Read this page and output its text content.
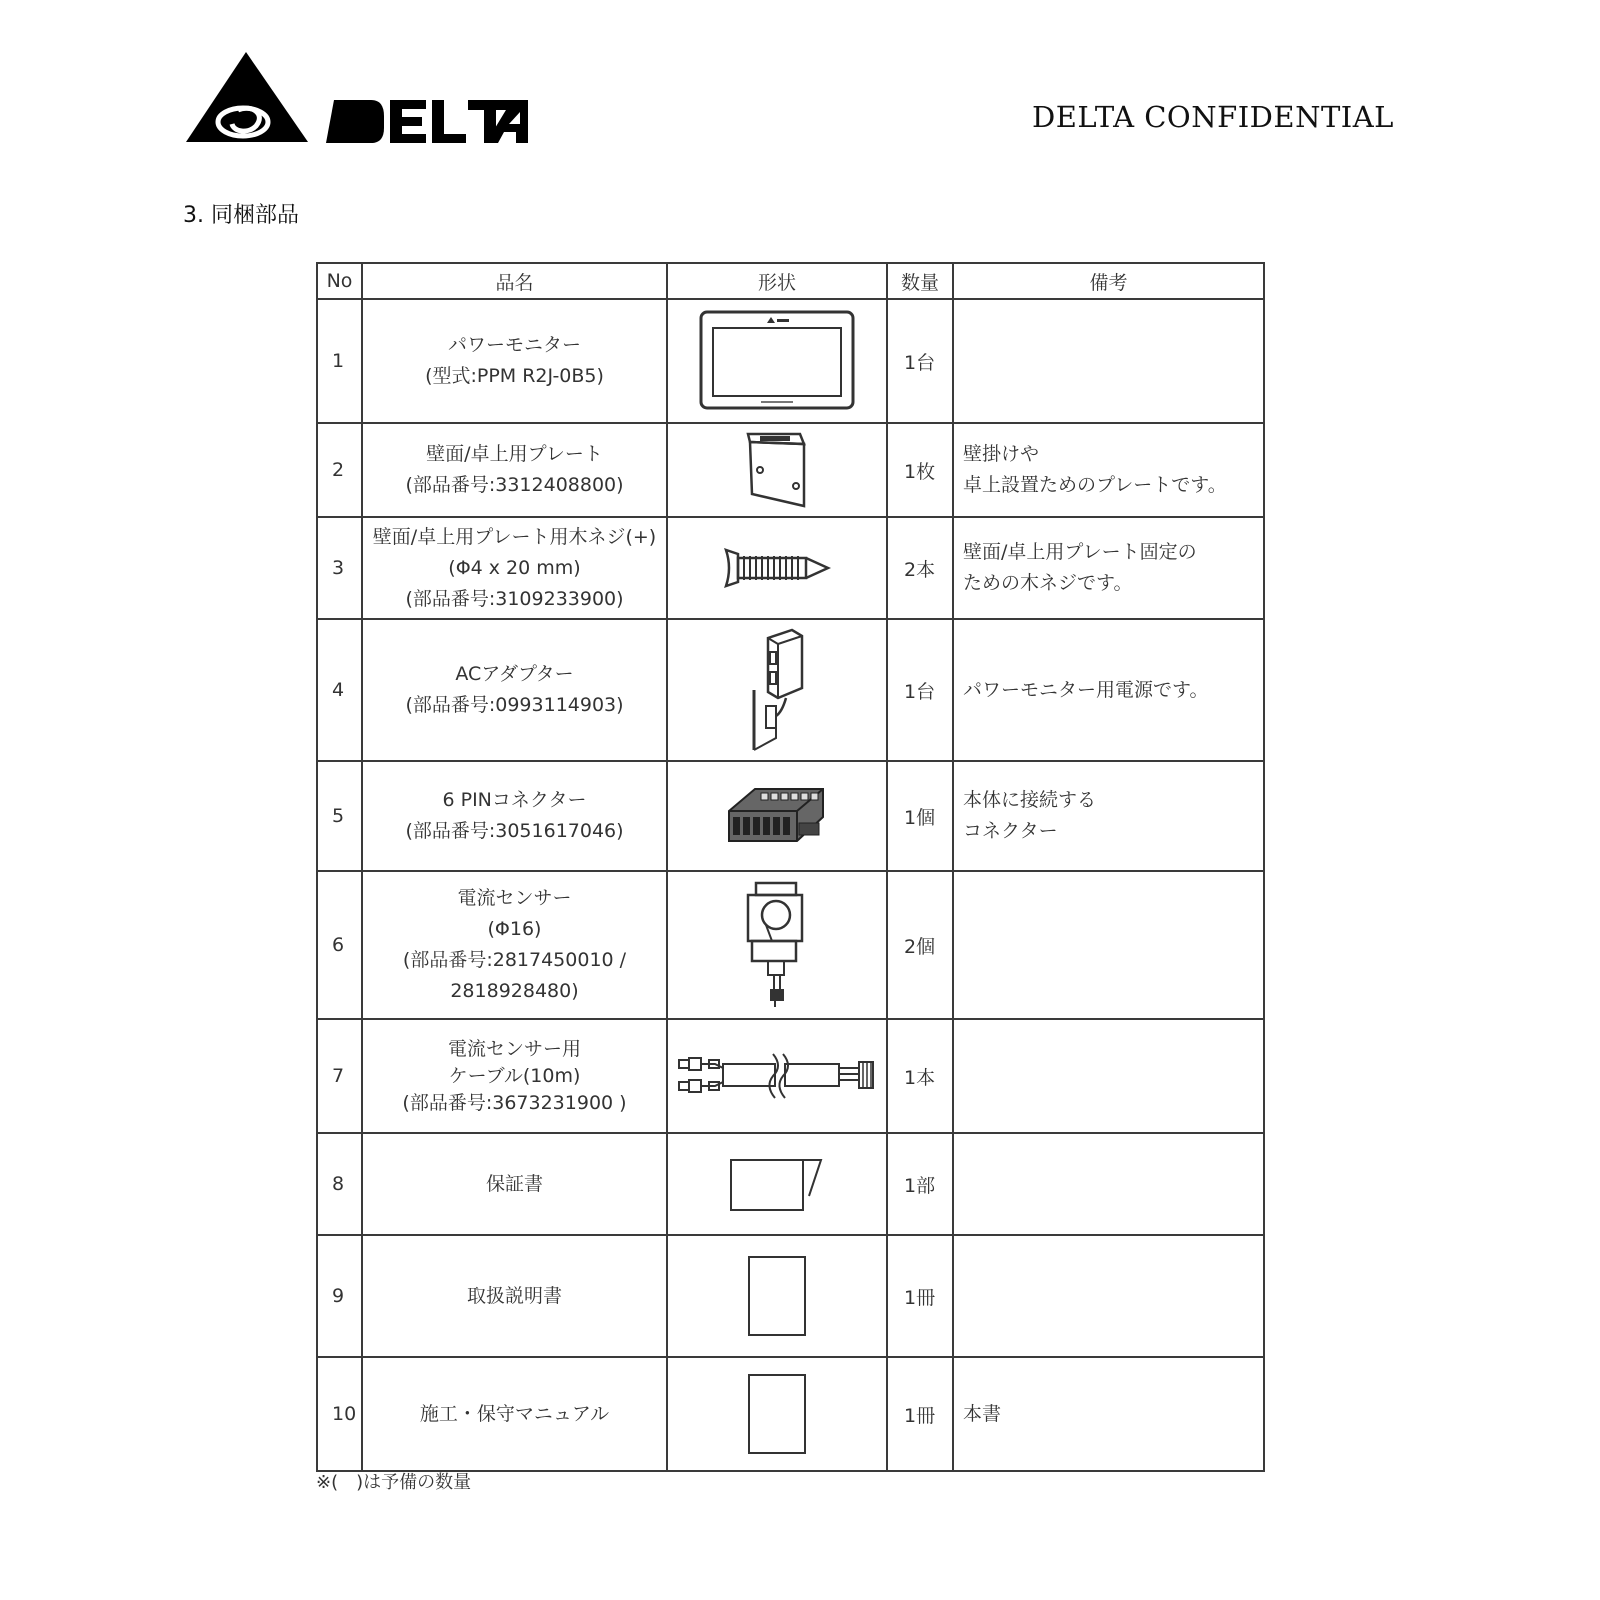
DELTA CONFIDENTIAL
3. 同梱部品
No	品名	形状	数量	備考
1	パワーモニター
(型式:PPM R2J-0B5)		1台	
2	壁面/卓上用プレート
(部品番号:3312408800)		1枚	壁掛けや
卓上設置ためのプレートです。

3	壁面/卓上用プレート用木ネジ(+)
(Φ4 x 20 mm)
(部品番号:3109233900)		2本	壁面/卓上用プレート固定の
ための木ネジです。

4	ACアダプター
(部品番号:0993114903)		1台	パワーモニター用電源です。

5	6 PINコネクター
(部品番号:3051617046)		1個	本体に接続する
コネクター

6	電流センサー
(Φ16)
(部品番号:2817450010 /
2818928480)		2個	
7	電流センサー用
ケーブル(10m)
(部品番号:3673231900 )		1本	
8	保証書		1部	
9	取扱説明書		1冊	
10	施工・保守マニュアル		1冊	本書
※(　)は予備の数量
